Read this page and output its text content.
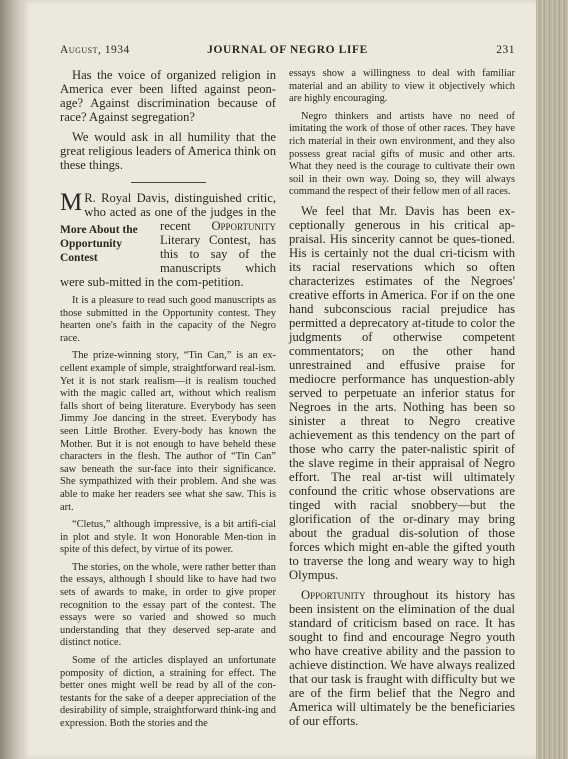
August, 1934	JOURNAL OF NEGRO LIFE	231

Has the voice of organized religion in America ever been lifted against peon-age? Against discrimination because of race? Against segregation?

We would ask in all humility that the great religious leaders of America think on these things.

M R. Royal Davis, distinguished critic, who acted as one of the judges in the recent Opportunity
More About the
Opportunity Contest
Literary Contest, has this to say of the manuscripts which were sub-mitted in the com-petition.

It is a pleasure to read such good manuscripts as those submitted in the Opportunity contest. They hearten one's faith in the capacity of the Negro race.

The prize-winning story, “Tin Can,” is an ex-cellent example of simple, straightforward real-ism. Yet it is not stark realism—it is realism touched with the magic called art, without which realism falls short of being literature. Everybody has seen Jimmy Joe dancing in the street. Everybody has seen Little Brother. Every-body has known the Mother. But it is not enough to have beheld these characters in the flesh. The author of “Tin Can” saw beneath the sur-face into their significance. She sympathized with their problem. And she was able to make her readers see what she saw. This is art.

“Cletus,” although impressive, is a bit artifi-cial in plot and style. It won Honorable Men-tion in spite of this defect, by virtue of its power.

The stories, on the whole, were rather better than the essays, although I should like to have had two sets of awards to make, in order to give proper recognition to the essay part of the contest. The essays were so varied and showed so much understanding that they deserved sep-arate and distinct notice.

Some of the articles displayed an unfortunate pomposity of diction, a straining for effect. The better ones might well be read by all of the con-testants for the sake of a deeper appreciation of the desirability of simple, straightforward think-ing and expression. Both the stories and the

essays show a willingness to deal with familiar material and an ability to view it objectively which are highly encouraging.

Negro thinkers and artists have no need of imitating the work of those of other races. They have rich material in their own environment, and they also possess great racial gifts of music and other arts. What they need is the courage to cultivate their own soil in their own way. Doing so, they will always command the respect of their fellow men of all races.

We feel that Mr. Davis has been ex-ceptionally generous in his critical ap-praisal. His sincerity cannot be ques-tioned. His is certainly not the dual cri-ticism with its racial reservations which so often characterizes estimates of the Negroes' creative efforts in America. For if on the one hand subconscious racial prejudice has permitted a deprecatory at-titude to color the judgments of otherwise competent commentators; on the other hand unrestrained and effusive praise for mediocre performance has unquestion-ably served to perpetuate an inferior status for Negroes in the arts. Nothing has been so sinister a threat to Negro creative achievement as this tendency on the part of those who carry the pater-nalistic spirit of the slave regime in their appraisal of Negro effort. The real ar-tist will ultimately confound the critic whose observations are tinged with racial snobbery—but the glorification of the or-dinary may bring about the gradual dis-solution of those forces which might en-able the gifted youth to traverse the long and weary way to high Olympus.

Opportunity throughout its history has been insistent on the elimination of the dual standard of criticism based on race. It has sought to find and encourage Negro youth who have creative ability and the passion to achieve distinction. We have always realized that our task is fraught with difficulty but we are of the firm belief that the Negro and America will ultimately be the beneficiaries of our efforts.
